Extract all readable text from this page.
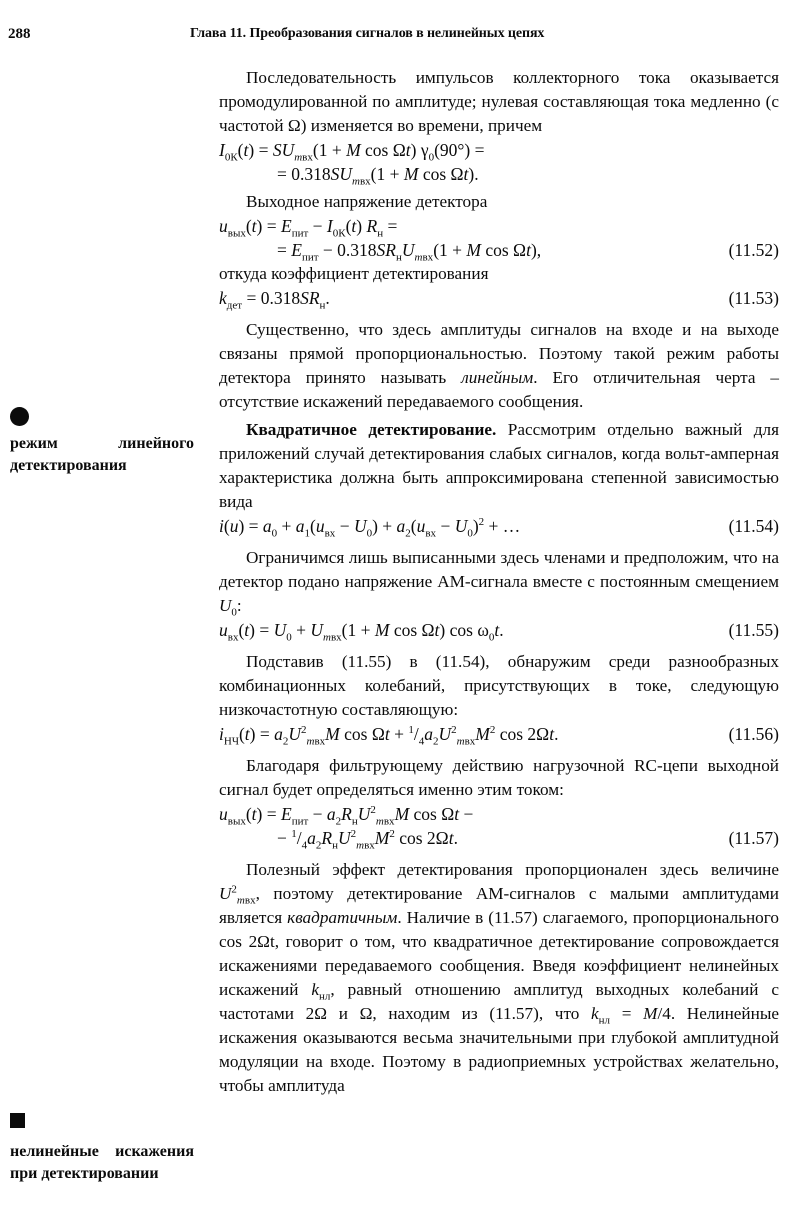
288	Глава 11. Преобразования сигналов в нелинейных цепях
режим линейного детектирования
нелинейные искажения при детектировании

Последовательность импульсов коллекторного тока оказывается промодулированной по амплитуде; нулевая составляющая тока медленно (с частотой Ω) изменяется во времени, причем

$I_{0К}(t) = SU_{mвх}(1 + M$ cos Ωt) $\gamma_0(90^\circ)$ =
= $0.318SU_{mвх}(1 + M$ cos Ωt).

Выходное напряжение детектора

$u_{вых}(t) = E_{пит} - I_{0К}(t) R_н$ =
= $E_{пит} - 0.318SR_нU_{mвх}(1 + M$ cos Ωt),	(11.52)

откуда коэффициент детектирования

$k_{дет} = 0.318SR_н$.	(11.53)

Существенно, что здесь амплитуды сигналов на входе и на выходе связаны прямой пропорциональностью. Поэтому такой режим работы детектора принято называть линейным. Его отличительная черта – отсутствие искажений передаваемого сообщения.

Квадратичное детектирование. Рассмотрим отдельно важный для приложений случай детектирования слабых сигналов, когда вольт-амперная характеристика должна быть аппроксимирована степенной зависимостью вида

$i(u) = a_0 + a_1(u_{вх} - U_0) + a_2(u_{вх} - U_0)^2$ + …	(11.54)

Ограничимся лишь выписанными здесь членами и предположим, что на детектор подано напряжение АМ-сигнала вместе с постоянным смещением $U_0$:

$u_{вх}(t) = U_0 + U_{mвх}(1 + M$ cos Ωt) $\cos \omega_0t$.	(11.55)

Подставив (11.55) в (11.54), обнаружим среди разнообразных комбинационных колебаний, присутствующих в токе, следующую низкочастотную составляющую:

$i_{НЧ}(t) = a_2U^2_{mвх}M$ $\cos \Omega t + ^1/_4a_2U^2_{mвх}M^2$ cos 2Ωt.	(11.56)

Благодаря фильтрующему действию нагрузочной RC-цепи выходной сигнал будет определяться именно этим током:

$u_{вых}(t) = E_{пит} - a_2R_нU^2_{mвх}M$ cos Ωt −
− $^1/_4a_2R_нU^2_{mвх}M^2$ cos 2Ωt.	(11.57)

Полезный эффект детектирования пропорционален здесь величине $U^2_{mвх}$, поэтому детектирование АМ-сигналов с малыми амплитудами является квадратичным. Наличие в (11.57) слагаемого, пропорционального cos 2Ωt, говорит о том, что квадратичное детектирование сопровождается искажениями передаваемого сообщения. Введя коэффициент нелинейных искажений $k_{нл}$, равный отношению амплитуд выходных колебаний с частотами 2Ω и Ω, находим из (11.57), что $k_{нл} = M/4$. Нелинейные искажения оказываются весьма значительными при глубокой амплитудной модуляции на входе. Поэтому в радиоприемных устройствах желательно, чтобы амплитуда
